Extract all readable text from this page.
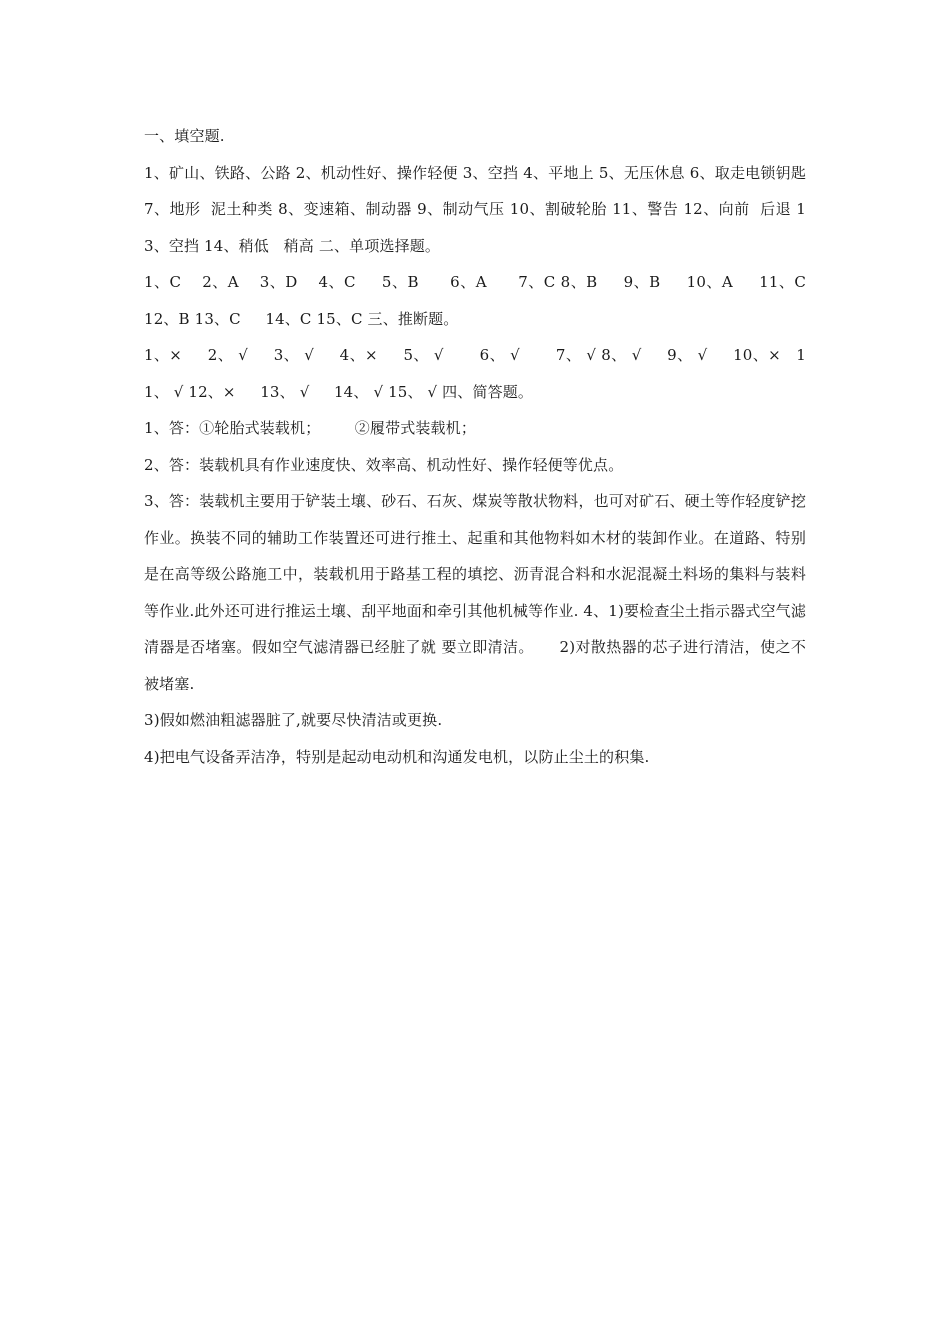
一、填空题.

1、矿山、铁路、公路 2、机动性好、操作轻便 3、空挡 4、平地上 5、无压休息 6、取走电锁钥匙 7、地形  泥土种类 8、变速箱、制动器 9、制动气压 10、割破轮胎 11、警告 12、向前  后退 13、空挡 14、稍低   稍高 二、单项选择题。

1、C    2、A    3、D    4、C     5、B      6、A      7、C 8、B     9、B     10、A     11、C     12、B 13、C     14、C 15、C 三、推断题。

1、×     2、 √     3、 √     4、×     5、 √       6、 √       7、 √ 8、 √     9、 √     10、×   11、 √ 12、×     13、 √     14、 √ 15、 √ 四、简答题。

1、答：①轮胎式装载机；       ②履带式装载机；

2、答：装载机具有作业速度快、效率高、机动性好、操作轻便等优点。

3、答：装载机主要用于铲装土壤、砂石、石灰、煤炭等散状物料，也可对矿石、硬土等作轻度铲挖作业。换装不同的辅助工作装置还可进行推土、起重和其他物料如木材的装卸作业。在道路、特别是在高等级公路施工中，装载机用于路基工程的填挖、沥青混合料和水泥混凝土料场的集料与装料等作业.此外还可进行推运土壤、刮平地面和牵引其他机械等作业. 4、1)要检查尘土指示器式空气滤清器是否堵塞。假如空气滤清器已经脏了就 要立即清洁。     2)对散热器的芯子进行清洁，使之不被堵塞.

3)假如燃油粗滤器脏了,就要尽快清洁或更换.

4)把电气设备弄洁净，特别是起动电动机和沟通发电机，以防止尘土的积集.
